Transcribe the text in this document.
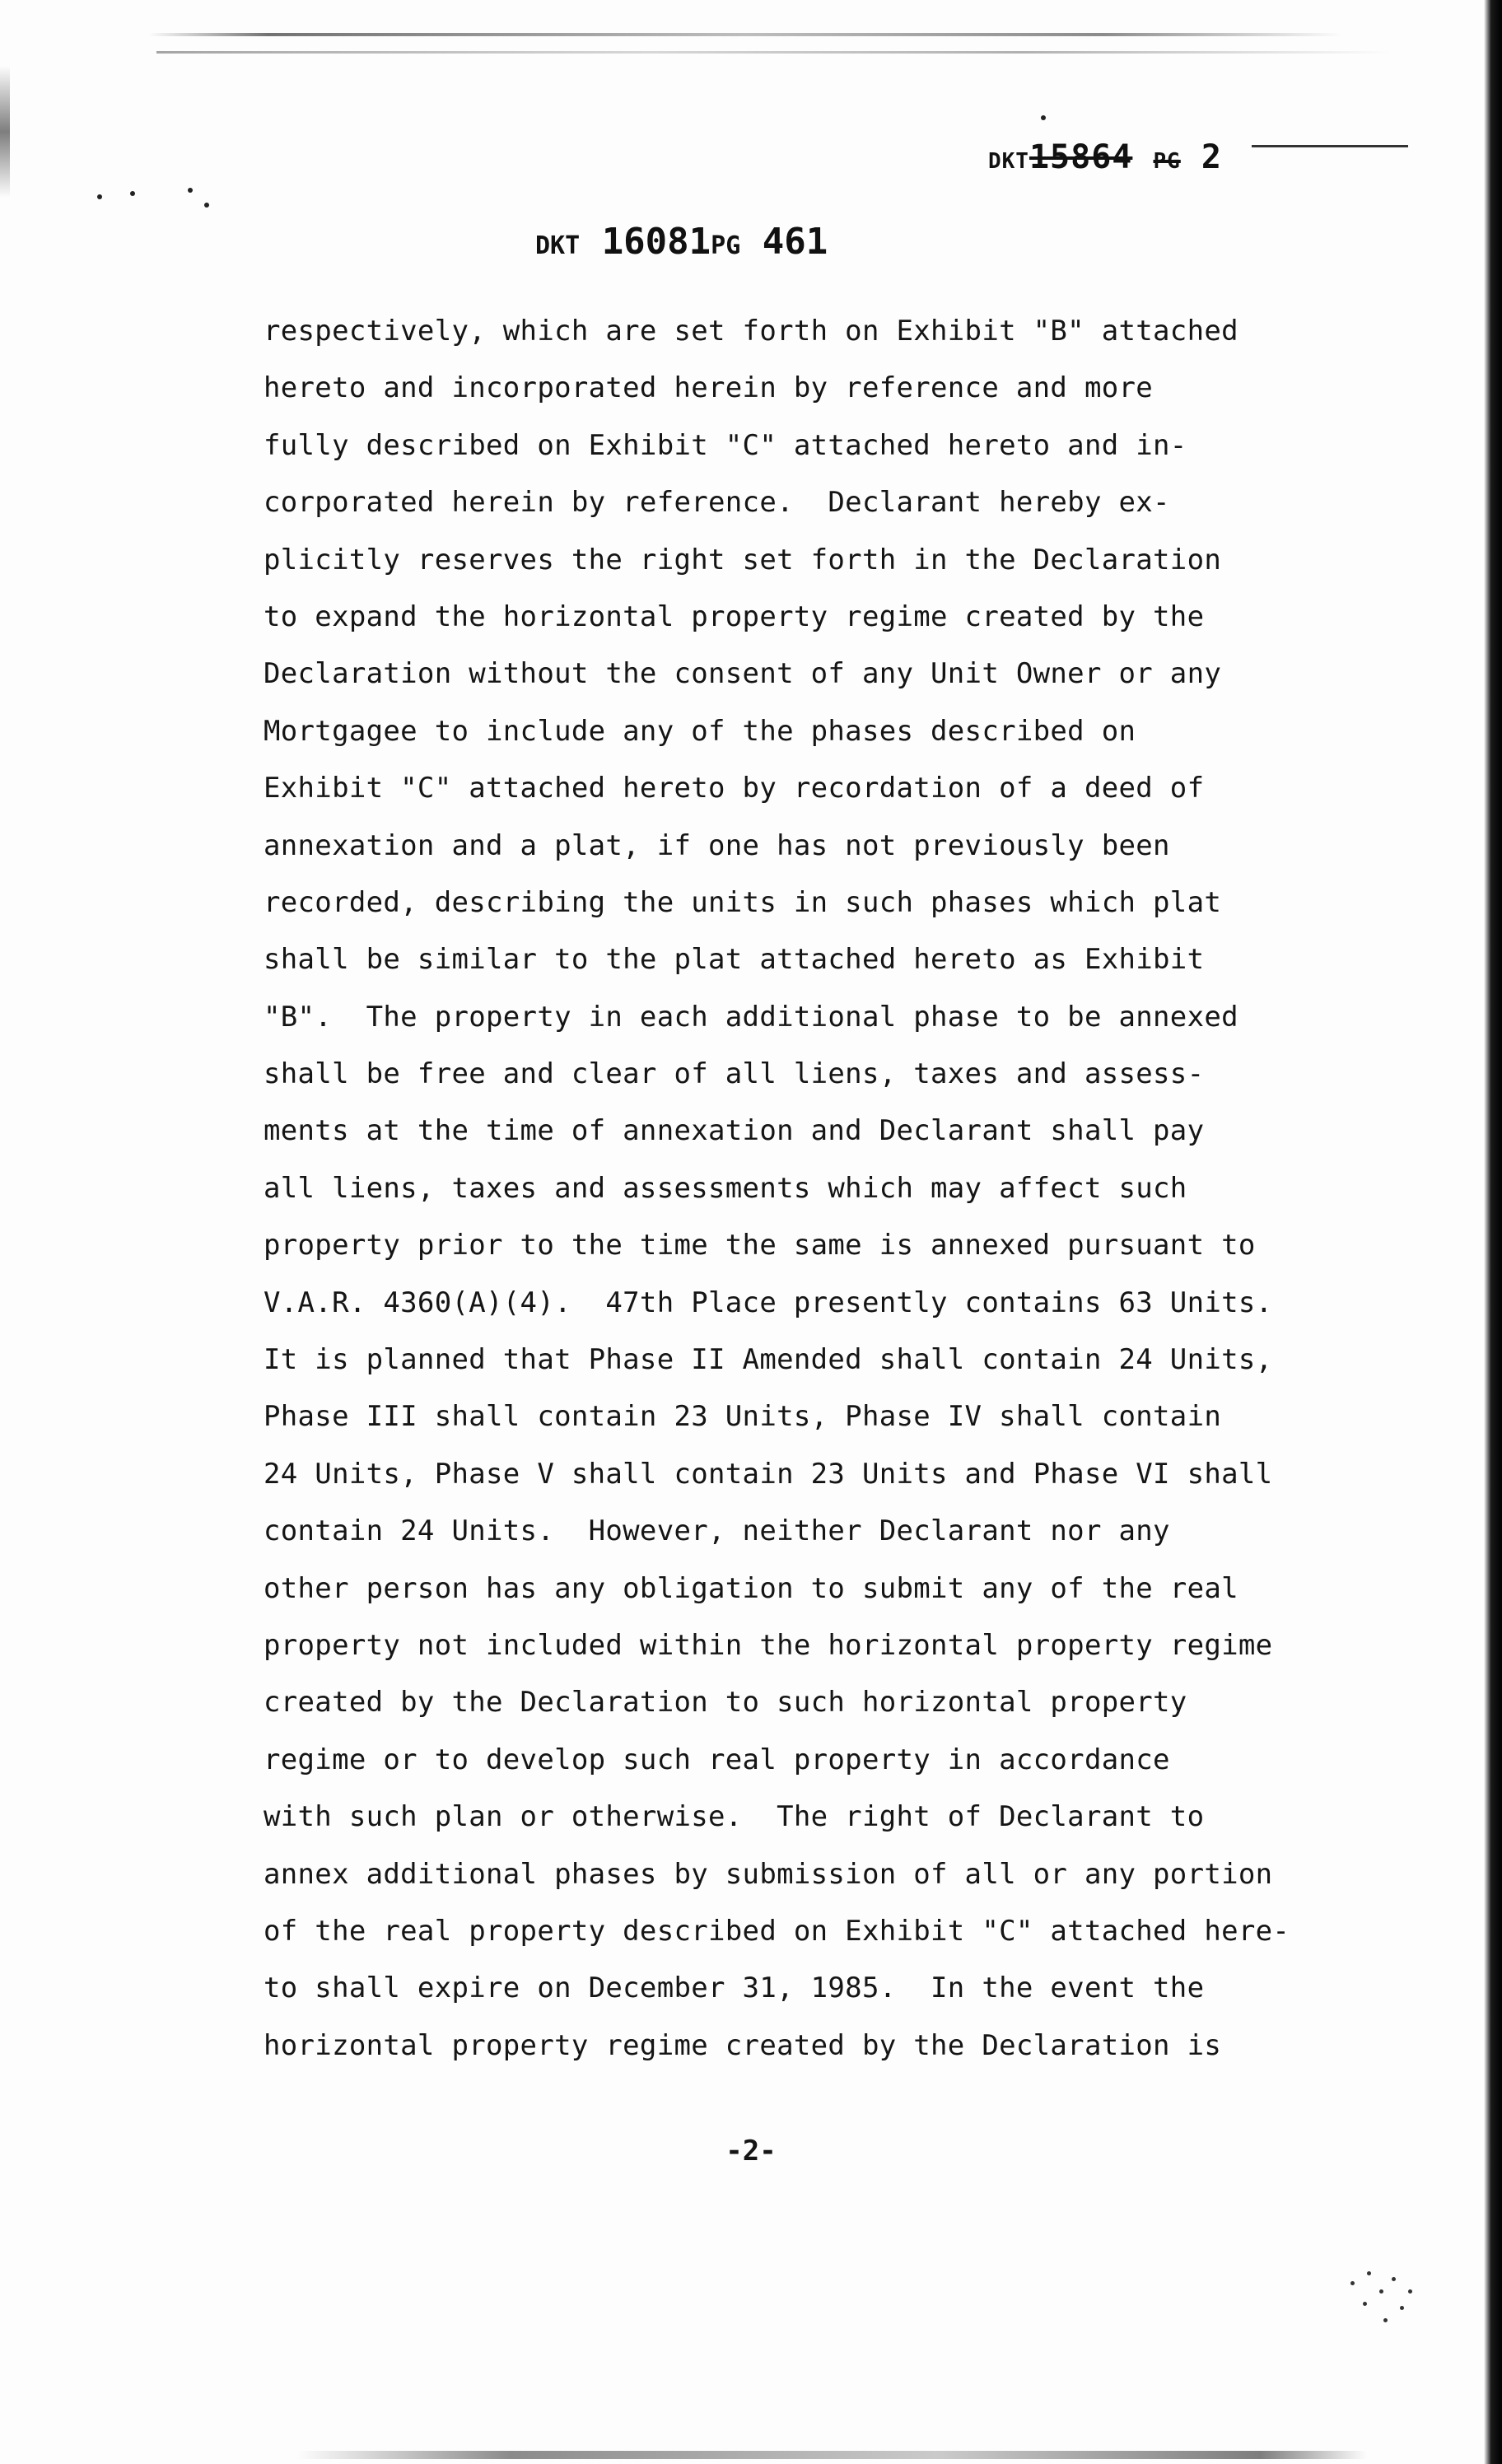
DKT15864 PG 2
DKT 16081PG 461
respectively, which are set forth on Exhibit "B" attached
hereto and incorporated herein by reference and more
fully described on Exhibit "C" attached hereto and in-
corporated herein by reference.  Declarant hereby ex-
plicitly reserves the right set forth in the Declaration
to expand the horizontal property regime created by the
Declaration without the consent of any Unit Owner or any
Mortgagee to include any of the phases described on
Exhibit "C" attached hereto by recordation of a deed of
annexation and a plat, if one has not previously been
recorded, describing the units in such phases which plat
shall be similar to the plat attached hereto as Exhibit
"B".  The property in each additional phase to be annexed
shall be free and clear of all liens, taxes and assess-
ments at the time of annexation and Declarant shall pay
all liens, taxes and assessments which may affect such
property prior to the time the same is annexed pursuant to
V.A.R. 4360(A)(4).  47th Place presently contains 63 Units.
It is planned that Phase II Amended shall contain 24 Units,
Phase III shall contain 23 Units, Phase IV shall contain
24 Units, Phase V shall contain 23 Units and Phase VI shall
contain 24 Units.  However, neither Declarant nor any
other person has any obligation to submit any of the real
property not included within the horizontal property regime
created by the Declaration to such horizontal property
regime or to develop such real property in accordance
with such plan or otherwise.  The right of Declarant to
annex additional phases by submission of all or any portion
of the real property described on Exhibit "C" attached here-
to shall expire on December 31, 1985.  In the event the
horizontal property regime created by the Declaration is
-2-
